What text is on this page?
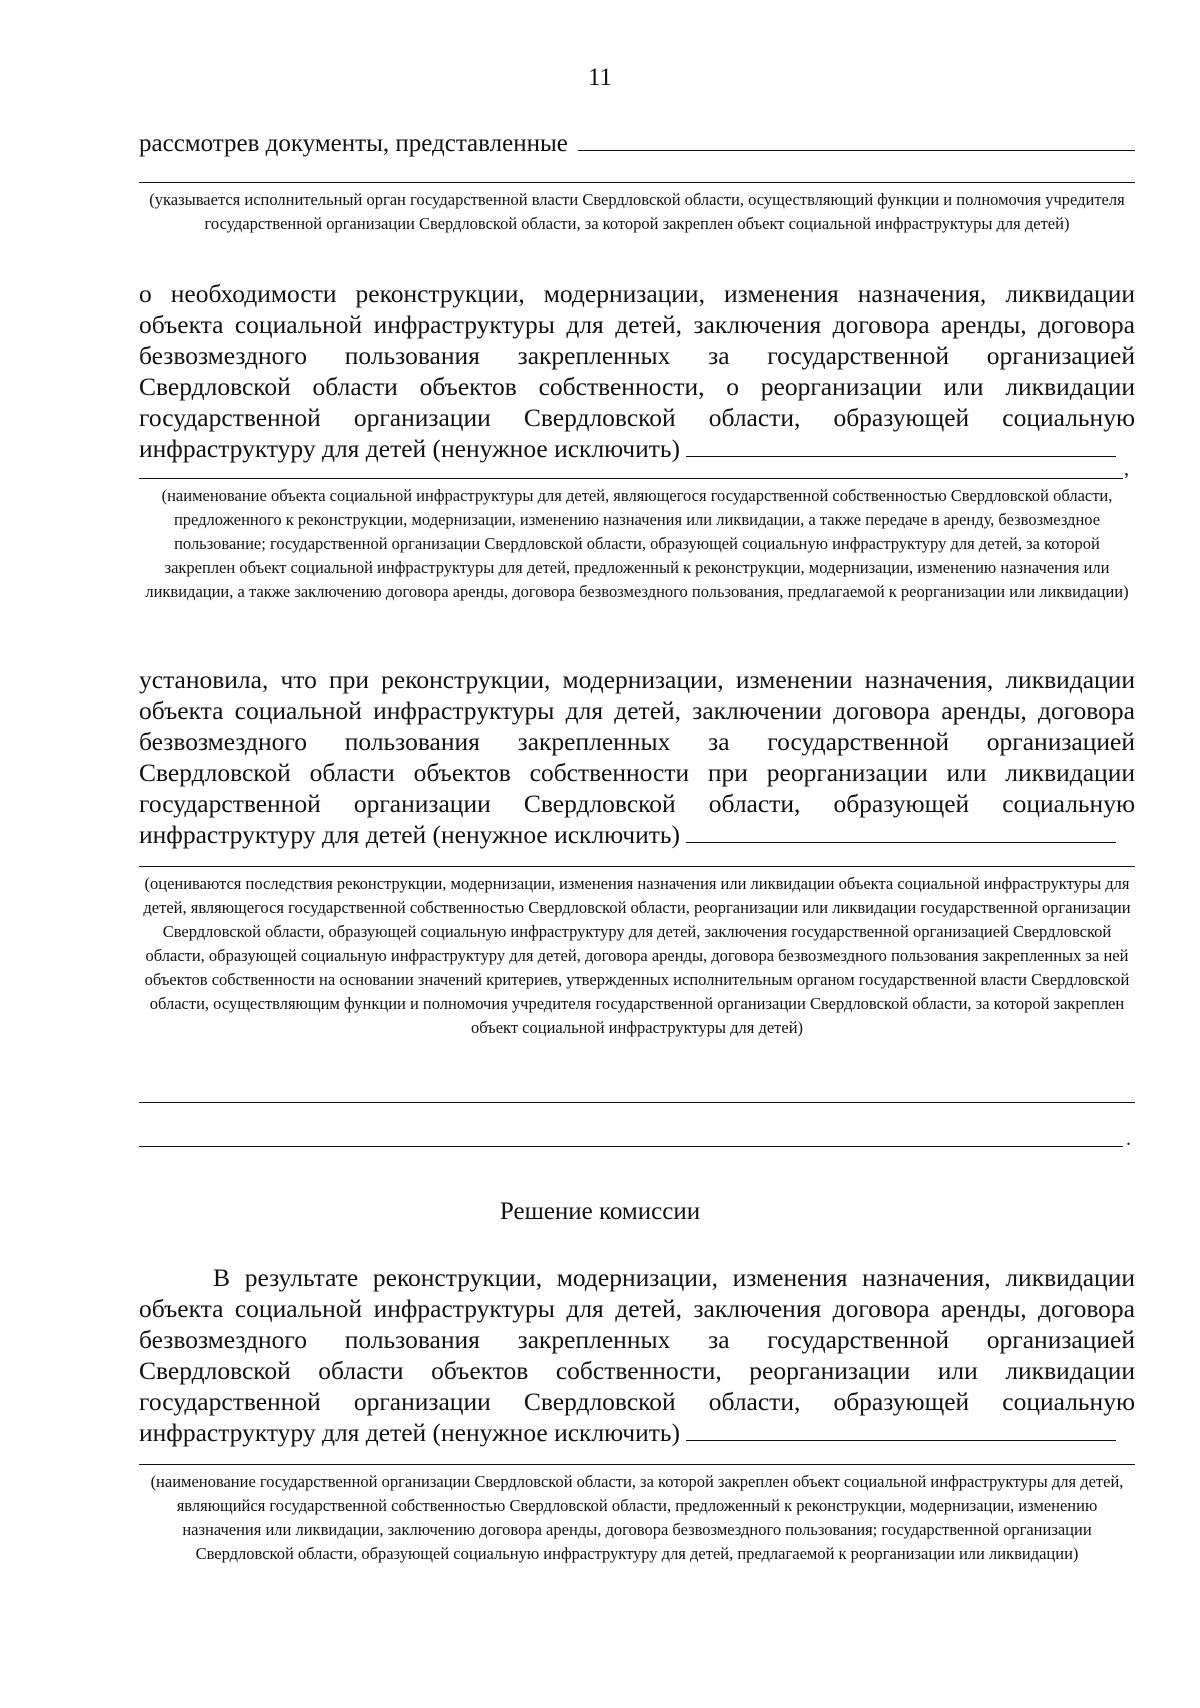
11
рассмотрев документы, представленные
(указывается исполнительный орган государственной власти Свердловской области, осуществляющий функции и полномочия учредителя государственной организации Свердловской области, за которой закреплен объект социальной инфраструктуры для детей)

о необходимости реконструкции, модернизации, изменения назначения, ликвидации объекта социальной инфраструктуры для детей, заключения договора аренды, договора безвозмездного пользования закрепленных за государственной организацией Свердловской области объектов собственности, о реорганизации или ликвидации государственной организации Свердловской области, образующей социальную инфраструктуру для детей (ненужное исключить)

,
(наименование объекта социальной инфраструктуры для детей, являющегося государственной собственностью Свердловской области, предложенного к реконструкции, модернизации, изменению назначения или ликвидации, а также передаче в аренду, безвозмездное пользование; государственной организации Свердловской области, образующей социальную инфраструктуру для детей, за которой закреплен объект социальной инфраструктуры для детей, предложенный к реконструкции, модернизации, изменению назначения или ликвидации, а также заключению договора аренды, договора безвозмездного пользования, предлагаемой к реорганизации или ликвидации)

установила, что при реконструкции, модернизации, изменении назначения, ликвидации объекта социальной инфраструктуры для детей, заключении договора аренды, договора безвозмездного пользования закрепленных за государственной организацией Свердловской области объектов собственности при реорганизации или ликвидации государственной организации Свердловской области, образующей социальную инфраструктуру для детей (ненужное исключить)

(оцениваются последствия реконструкции, модернизации, изменения назначения или ликвидации объекта социальной инфраструктуры для детей, являющегося государственной собственностью Свердловской области, реорганизации или ликвидации государственной организации Свердловской области, образующей социальную инфраструктуру для детей, заключения государственной организацией Свердловской области, образующей социальную инфраструктуру для детей, договора аренды, договора безвозмездного пользования закрепленных за ней объектов собственности на основании значений критериев, утвержденных исполнительным органом государственной власти Свердловской области, осуществляющим функции и полномочия учредителя государственной организации Свердловской области, за которой закреплен объект социальной инфраструктуры для детей)
.
Решение комиссии

В результате реконструкции, модернизации, изменения назначения, ликвидации объекта социальной инфраструктуры для детей, заключения договора аренды, договора безвозмездного пользования закрепленных за государственной организацией Свердловской области объектов собственности, реорганизации или ликвидации государственной организации Свердловской области, образующей социальную инфраструктуру для детей (ненужное исключить)

(наименование государственной организации Свердловской области, за которой закреплен объект социальной инфраструктуры для детей, являющийся государственной собственностью Свердловской области, предложенный к реконструкции, модернизации, изменению назначения или ликвидации, заключению договора аренды, договора безвозмездного пользования; государственной организации Свердловской области, образующей социальную инфраструктуру для детей, предлагаемой к реорганизации или ликвидации)
